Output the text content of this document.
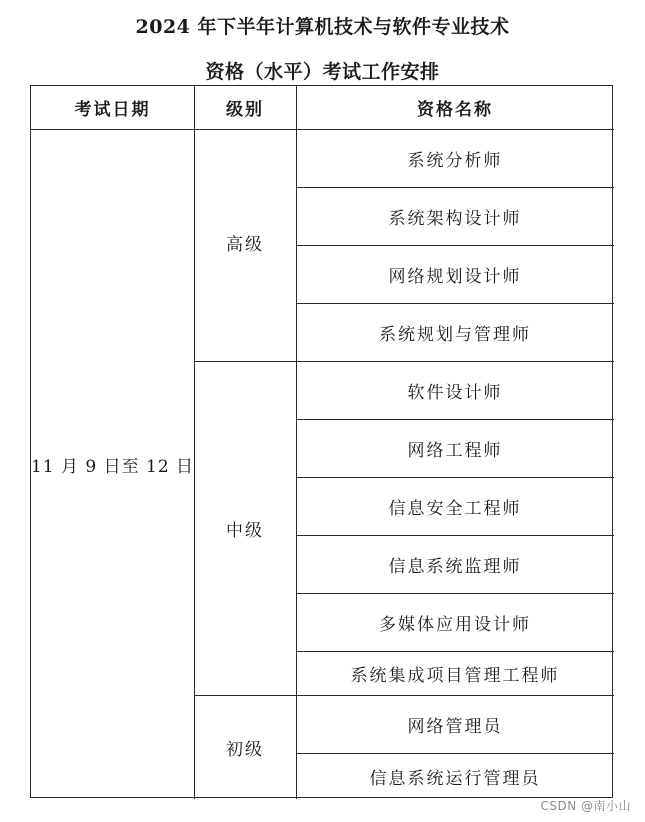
2024 年下半年计算机技术与软件专业技术
资格（水平）考试工作安排
考试日期	级别	资格名称
11 月 9 日至 12 日
高级
中级
初级
系统分析师
系统架构设计师
网络规划设计师
系统规划与管理师
软件设计师
网络工程师
信息安全工程师
信息系统监理师
多媒体应用设计师
系统集成项目管理工程师
网络管理员
信息系统运行管理员
CSDN @南小山
